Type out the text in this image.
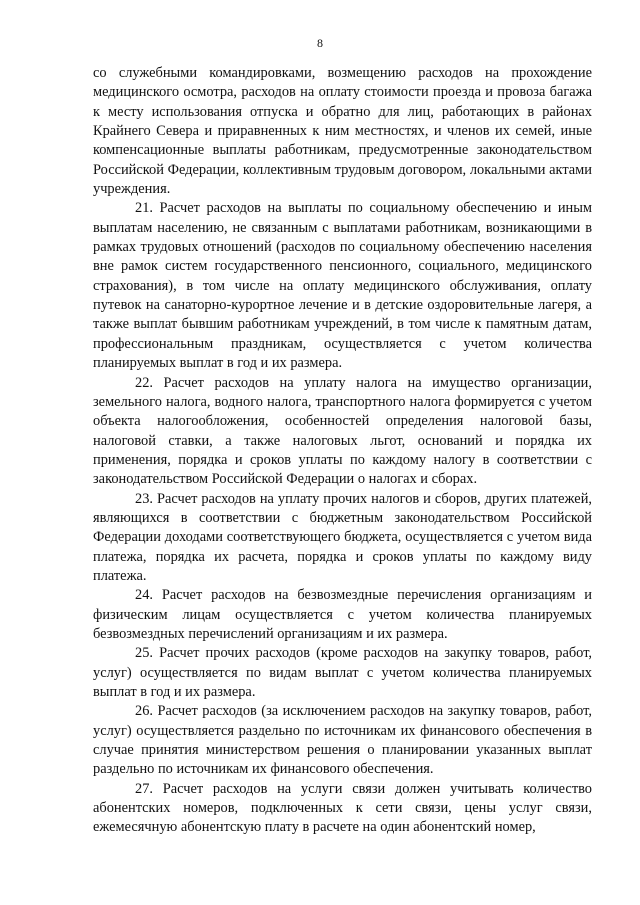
8

со служебными командировками, возмещению расходов на прохождение медицинского осмотра, расходов на оплату стоимости проезда и провоза багажа к месту использования отпуска и обратно для лиц, работающих в районах Крайнего Севера и приравненных к ним местностях, и членов их семей, иные компенсационные выплаты работникам, предусмотренные законодательством Российской Федерации, коллективным трудовым договором, локальными актами учреждения.

21. Расчет расходов на выплаты по социальному обеспечению и иным выплатам населению, не связанным с выплатами работникам, возникающими в рамках трудовых отношений (расходов по социальному обеспечению населения вне рамок систем государственного пенсионного, социального, медицинского страхования), в том числе на оплату медицинского обслуживания, оплату путевок на санаторно-курортное лечение и в детские оздоровительные лагеря, а также выплат бывшим работникам учреждений, в том числе к памятным датам, профессиональным праздникам, осуществляется с учетом количества планируемых выплат в год и их размера.

22. Расчет расходов на уплату налога на имущество организации, земельного налога, водного налога, транспортного налога формируется с учетом объекта налогообложения, особенностей определения налоговой базы, налоговой ставки, а также налоговых льгот, оснований и порядка их применения, порядка и сроков уплаты по каждому налогу в соответствии с законодательством Российской Федерации о налогах и сборах.

23. Расчет расходов на уплату прочих налогов и сборов, других платежей, являющихся в соответствии с бюджетным законодательством Российской Федерации доходами соответствующего бюджета, осуществляется с учетом вида платежа, порядка их расчета, порядка и сроков уплаты по каждому виду платежа.

24. Расчет расходов на безвозмездные перечисления организациям и физическим лицам осуществляется с учетом количества планируемых безвозмездных перечислений организациям и их размера.

25. Расчет прочих расходов (кроме расходов на закупку товаров, работ, услуг) осуществляется по видам выплат с учетом количества планируемых выплат в год и их размера.

26. Расчет расходов (за исключением расходов на закупку товаров, работ, услуг) осуществляется раздельно по источникам их финансового обеспечения в случае принятия министерством решения о планировании указанных выплат раздельно по источникам их финансового обеспечения.

27. Расчет расходов на услуги связи должен учитывать количество абонентских номеров, подключенных к сети связи, цены услуг связи, ежемесячную абонентскую плату в расчете на один абонентский номер,
